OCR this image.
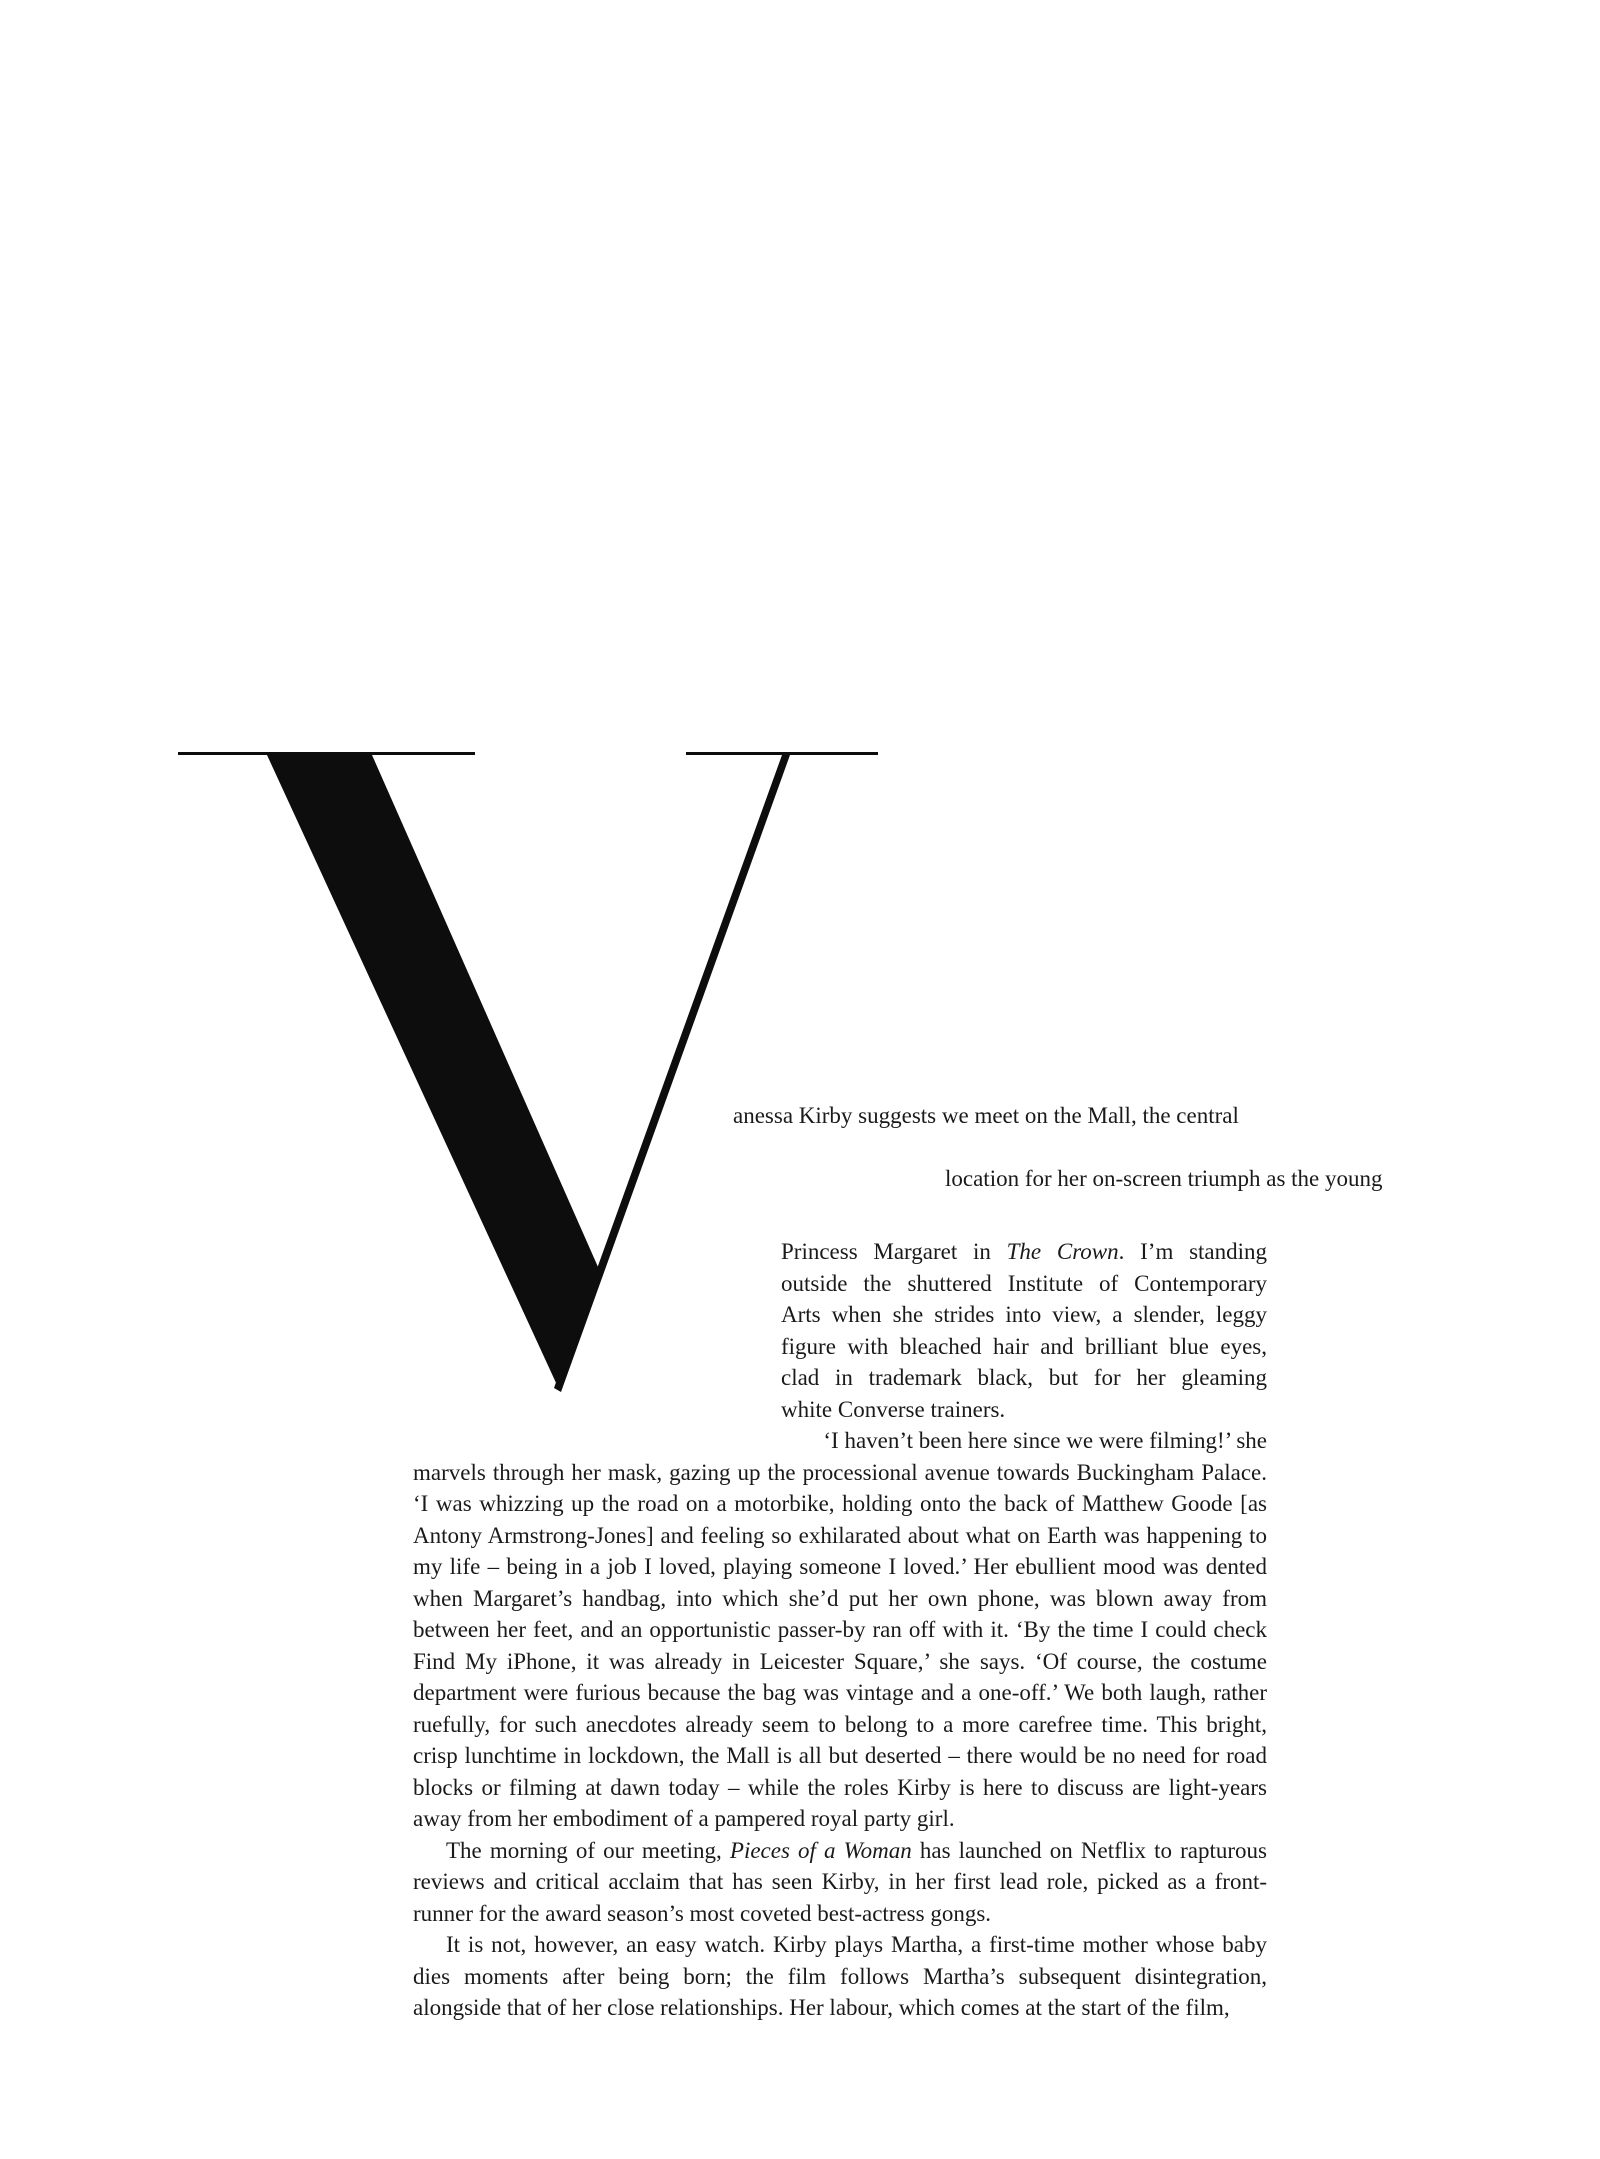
anessa Kirby suggests we meet on the Mall, the central
location for her on-screen triumph as the young
Princess Margaret in The Crown. I’m standing
outside the shuttered Institute of Contemporary
Arts when she strides into view, a slender, leggy
figure with bleached hair and brilliant blue eyes,
clad in trademark black, but for her gleaming
white Converse trainers.
‘I haven’t been here since we were filming!’ she

marvels through her mask, gazing up the processional avenue towards Buckingham Palace. ‘I was whizzing up the road on a motorbike, holding onto the back of Matthew Goode [as Antony Armstrong-Jones] and feeling so exhilarated about what on Earth was happening to my life – being in a job I loved, playing someone I loved.’ Her ebullient mood was dented when Margaret’s handbag, into which she’d put her own phone, was blown away from between her feet, and an opportunistic passer-by ran off with it. ‘By the time I could check Find My iPhone, it was already in Leicester Square,’ she says. ‘Of course, the costume department were furious because the bag was vintage and a one-off.’ We both laugh, rather ruefully, for such anecdotes already seem to belong to a more carefree time. This bright, crisp lunchtime in lockdown, the Mall is all but deserted – there would be no need for road blocks or filming at dawn today – while the roles Kirby is here to discuss are light-years away from her embodiment of a pampered royal party girl.

The morning of our meeting, Pieces of a Woman has launched on Netflix to rapturous reviews and critical acclaim that has seen Kirby, in her first lead role, picked as a front-runner for the award season’s most coveted best-actress gongs.

It is not, however, an easy watch. Kirby plays Martha, a first-time mother whose baby dies moments after being born; the film follows Martha’s subsequent disintegration, alongside that of her close relationships. Her labour, which comes at the start of the film,
